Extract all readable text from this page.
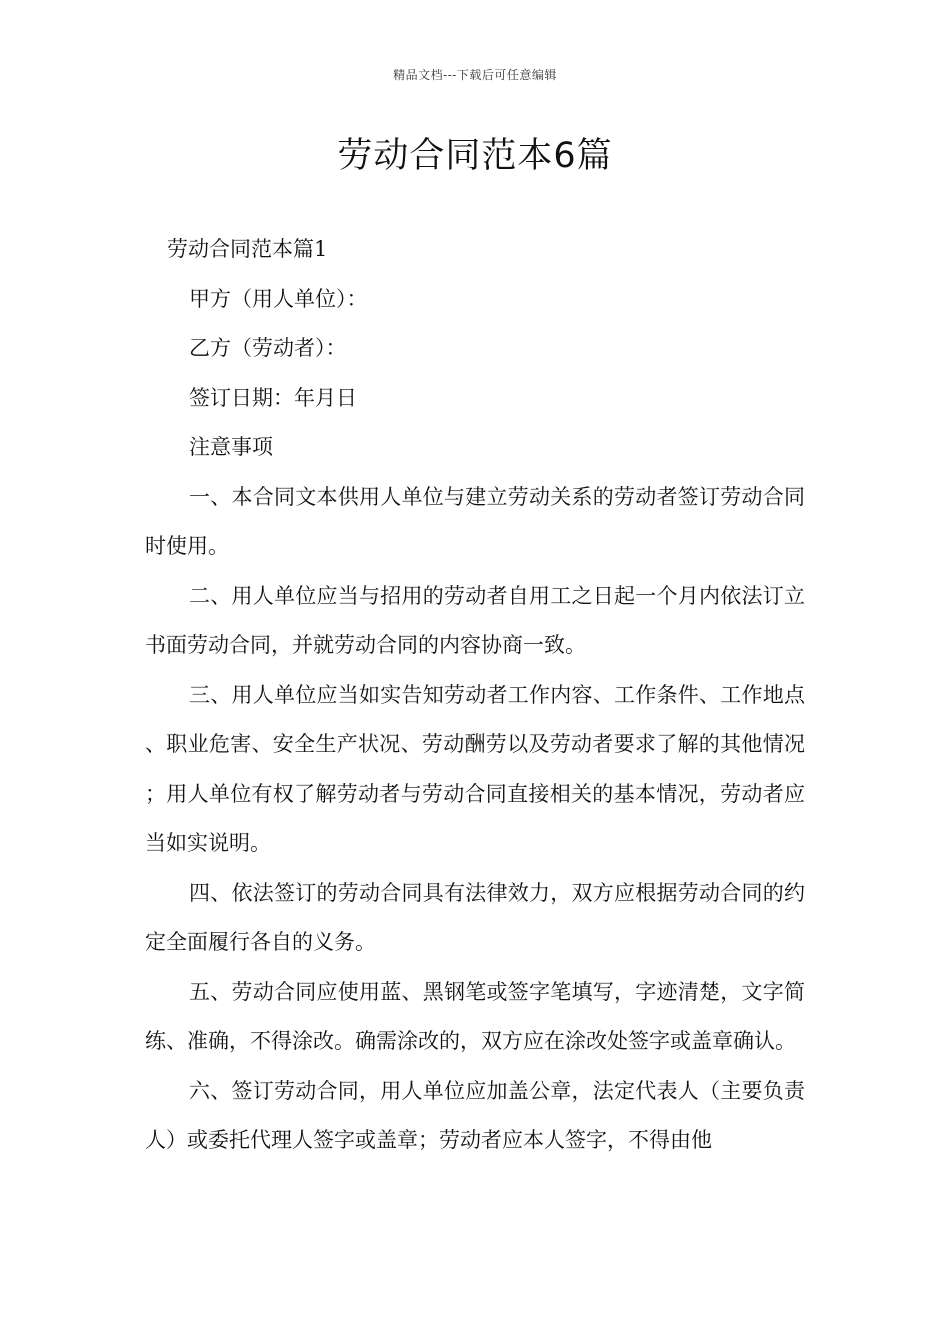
精品文档---下载后可任意编辑
劳动合同范本6篇

劳动合同范本篇1

甲方（用人单位）：

乙方（劳动者）：

签订日期：年月日

注意事项

一、本合同文本供用人单位与建立劳动关系的劳动者签订劳动合同时使用。

二、用人单位应当与招用的劳动者自用工之日起一个月内依法订立书面劳动合同，并就劳动合同的内容协商一致。

三、用人单位应当如实告知劳动者工作内容、工作条件、工作地点、职业危害、安全生产状况、劳动酬劳以及劳动者要求了解的其他情况；用人单位有权了解劳动者与劳动合同直接相关的基本情况，劳动者应当如实说明。

四、依法签订的劳动合同具有法律效力，双方应根据劳动合同的约定全面履行各自的义务。

五、劳动合同应使用蓝、黑钢笔或签字笔填写，字迹清楚，文字简练、准确，不得涂改。确需涂改的，双方应在涂改处签字或盖章确认。

六、签订劳动合同，用人单位应加盖公章，法定代表人（主要负责人）或委托代理人签字或盖章；劳动者应本人签字，不得由他
